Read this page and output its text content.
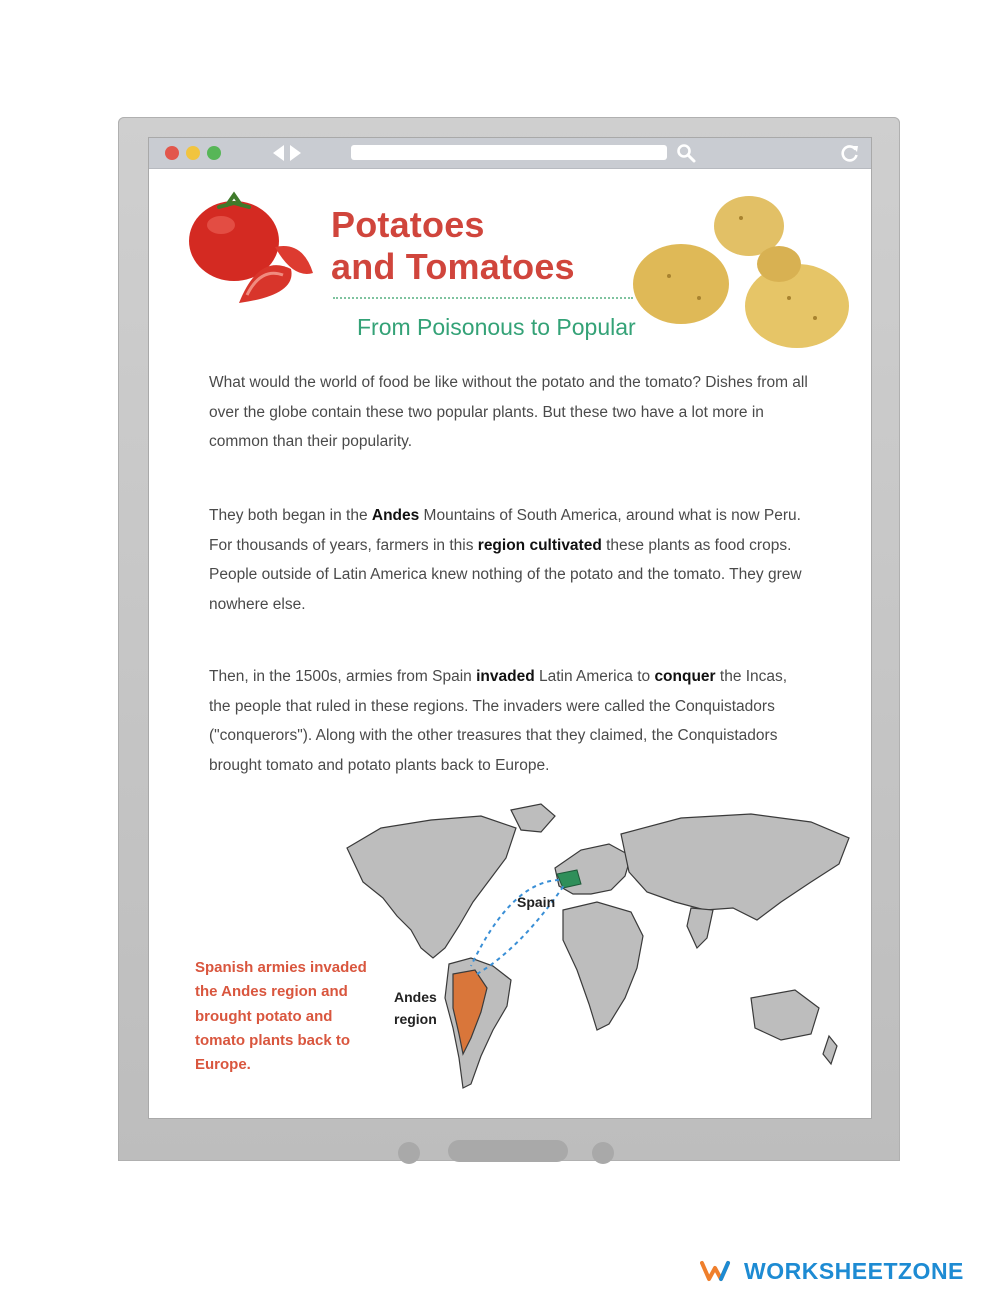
Potatoes
and Tomatoes
From Poisonous to Popular

What would the world of food be like without the potato and the tomato? Dishes from all over the globe contain these two popular plants. But these two have a lot more in common than their popularity.

They both began in the Andes Mountains of South America, around what is now Peru. For thousands of years, farmers in this region cultivated these plants as food crops. People outside of Latin America knew nothing of the potato and the tomato. They grew nowhere else.

Then, in the 1500s, armies from Spain invaded Latin America to conquer the Incas, the people that ruled in these regions. The invaders were called the Conquistadors ("conquerors"). Along with the other treasures that they claimed, the Conquistadors brought tomato and potato plants back to Europe.

Spain
Andes region

Spanish armies invaded the Andes region and brought potato and tomato plants back to Europe.

WORKSHEETZONE
